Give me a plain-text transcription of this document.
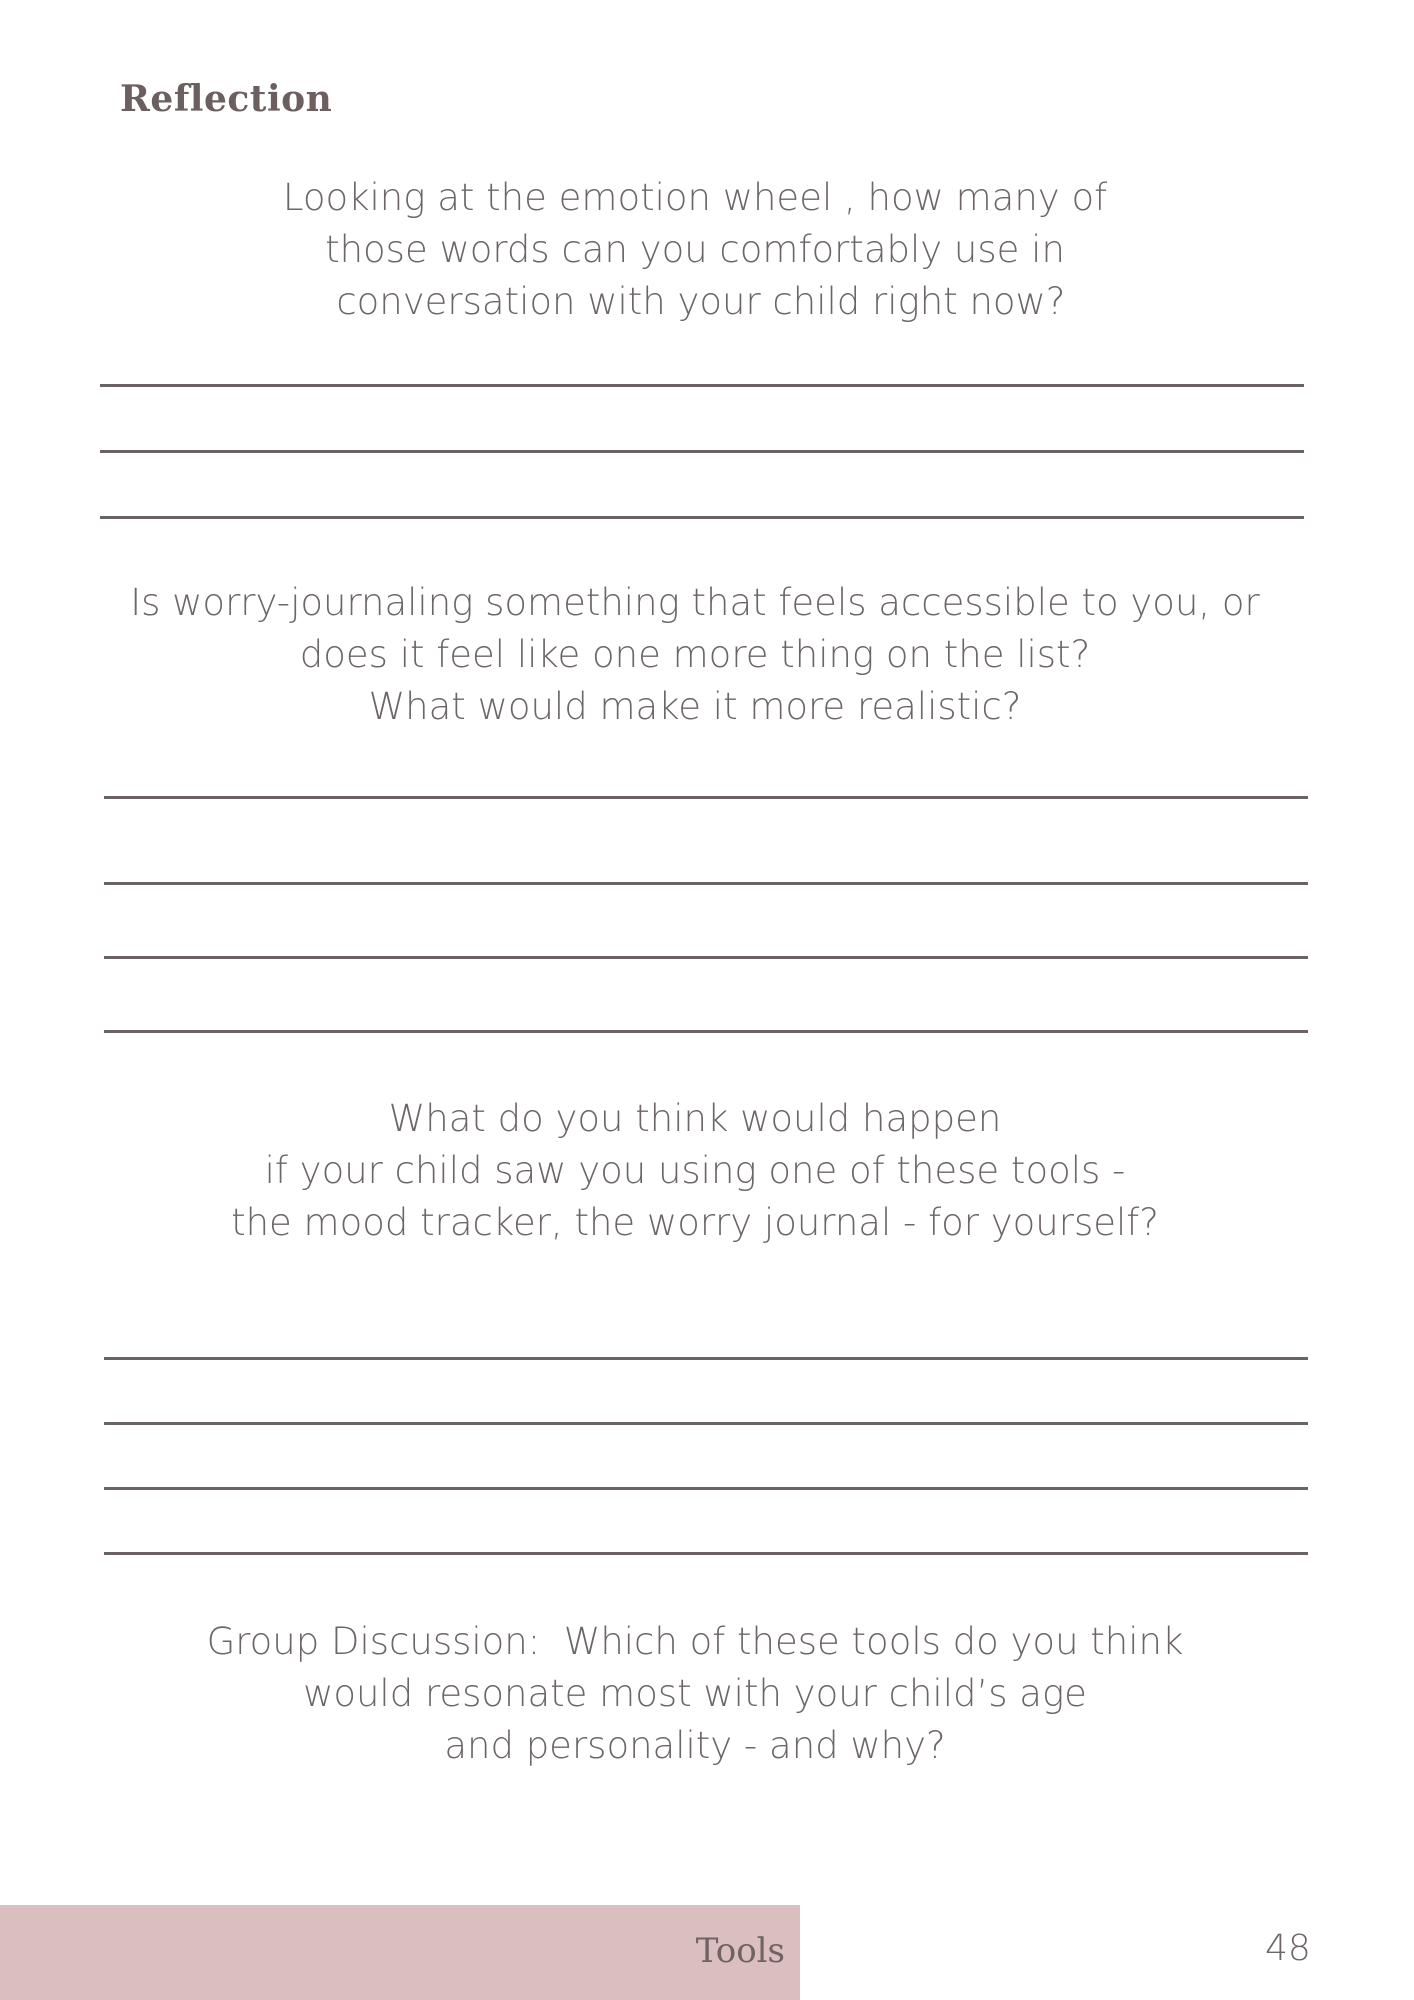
Reflection
Looking at the emotion wheel , how many of
those words can you comfortably use in
conversation with your child right now?
Is worry-journaling something that feels accessible to you, or
does it feel like one more thing on the list?
What would make it more realistic?
What do you think would happen
if your child saw you using one of these tools -
the mood tracker, the worry journal - for yourself?
Group Discussion:  Which of these tools do you think
would resonate most with your child’s age
and personality - and why?
Tools	48
